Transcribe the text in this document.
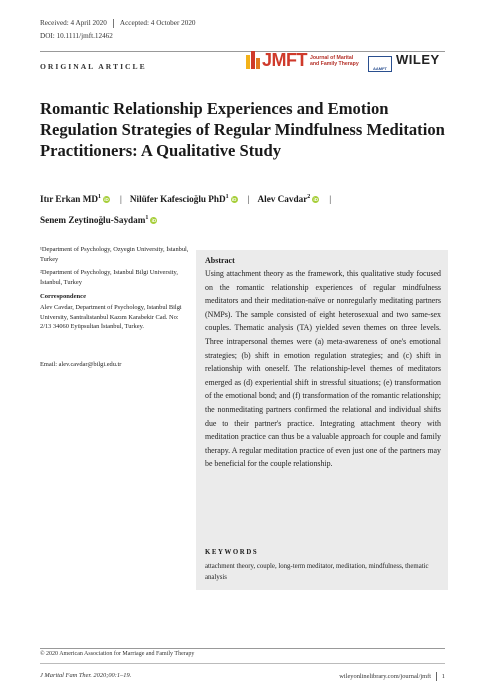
Received: 4 April 2020 Accepted: 4 October 2020
DOI: 10.1111/jmft.12462
ORIGINAL ARTICLE	JMFT Journal of Marital
and Family Therapy
AAMFT
WILEY
Romantic Relationship Experiences and Emotion Regulation Strategies of Regular Mindfulness Meditation Practitioners: A Qualitative Study
Itır Erkan $MD^1$ iD | Nilüfer Kafescioğlu PhD$^1$ iD | Alev Cavdar$^2$ iD |
Senem Zeytinoğlu-Saydam$^1$ iD
¹Department of Psychology, Ozyegin University, İstanbul, Turkey
²Department of Psychology, Istanbul Bilgi University, İstanbul, Turkey
Correspondence
Alev Cavdar, Department of Psychology, Istanbul Bilgi University, Santralistanbul Kazım Karabekir Cad. No: 2/13 34060 Eyüpsultan İstanbul, Turkey.
Email: alev.cavdar@bilgi.edu.tr
Abstract
Using attachment theory as the framework, this qualitative study focused on the romantic relationship experiences of regular mindfulness meditators and their meditation-naïve or nonregularly meditating partners (NMPs). The sample consisted of eight heterosexual and two same-sex couples. Thematic analysis (TA) yielded seven themes on three levels. Three intrapersonal themes were (a) meta-awareness of one's emotional strategies; (b) shift in emotion regulation strategies; and (c) shift in relationship with oneself. The relationship-level themes of meditators emerged as (d) experiential shift in stressful situations; (e) transformation of the emotional bond; and (f) transformation of the romantic relationship; the nonmeditating partners confirmed the relational and individual shifts due to their partner's practice. Integrating attachment theory with meditation practice can thus be a valuable approach for couple and family therapy. A regular meditation practice of even just one of the partners may be beneficial for the couple relationship.
KEYWORDS
attachment theory, couple, long-term meditator, meditation, mindfulness, thematic analysis
© 2020 American Association for Marriage and Family Therapy
J Marital Fam Ther. 2020;00:1–19.	wileyonlinelibrary.com/journal/jmft 1
